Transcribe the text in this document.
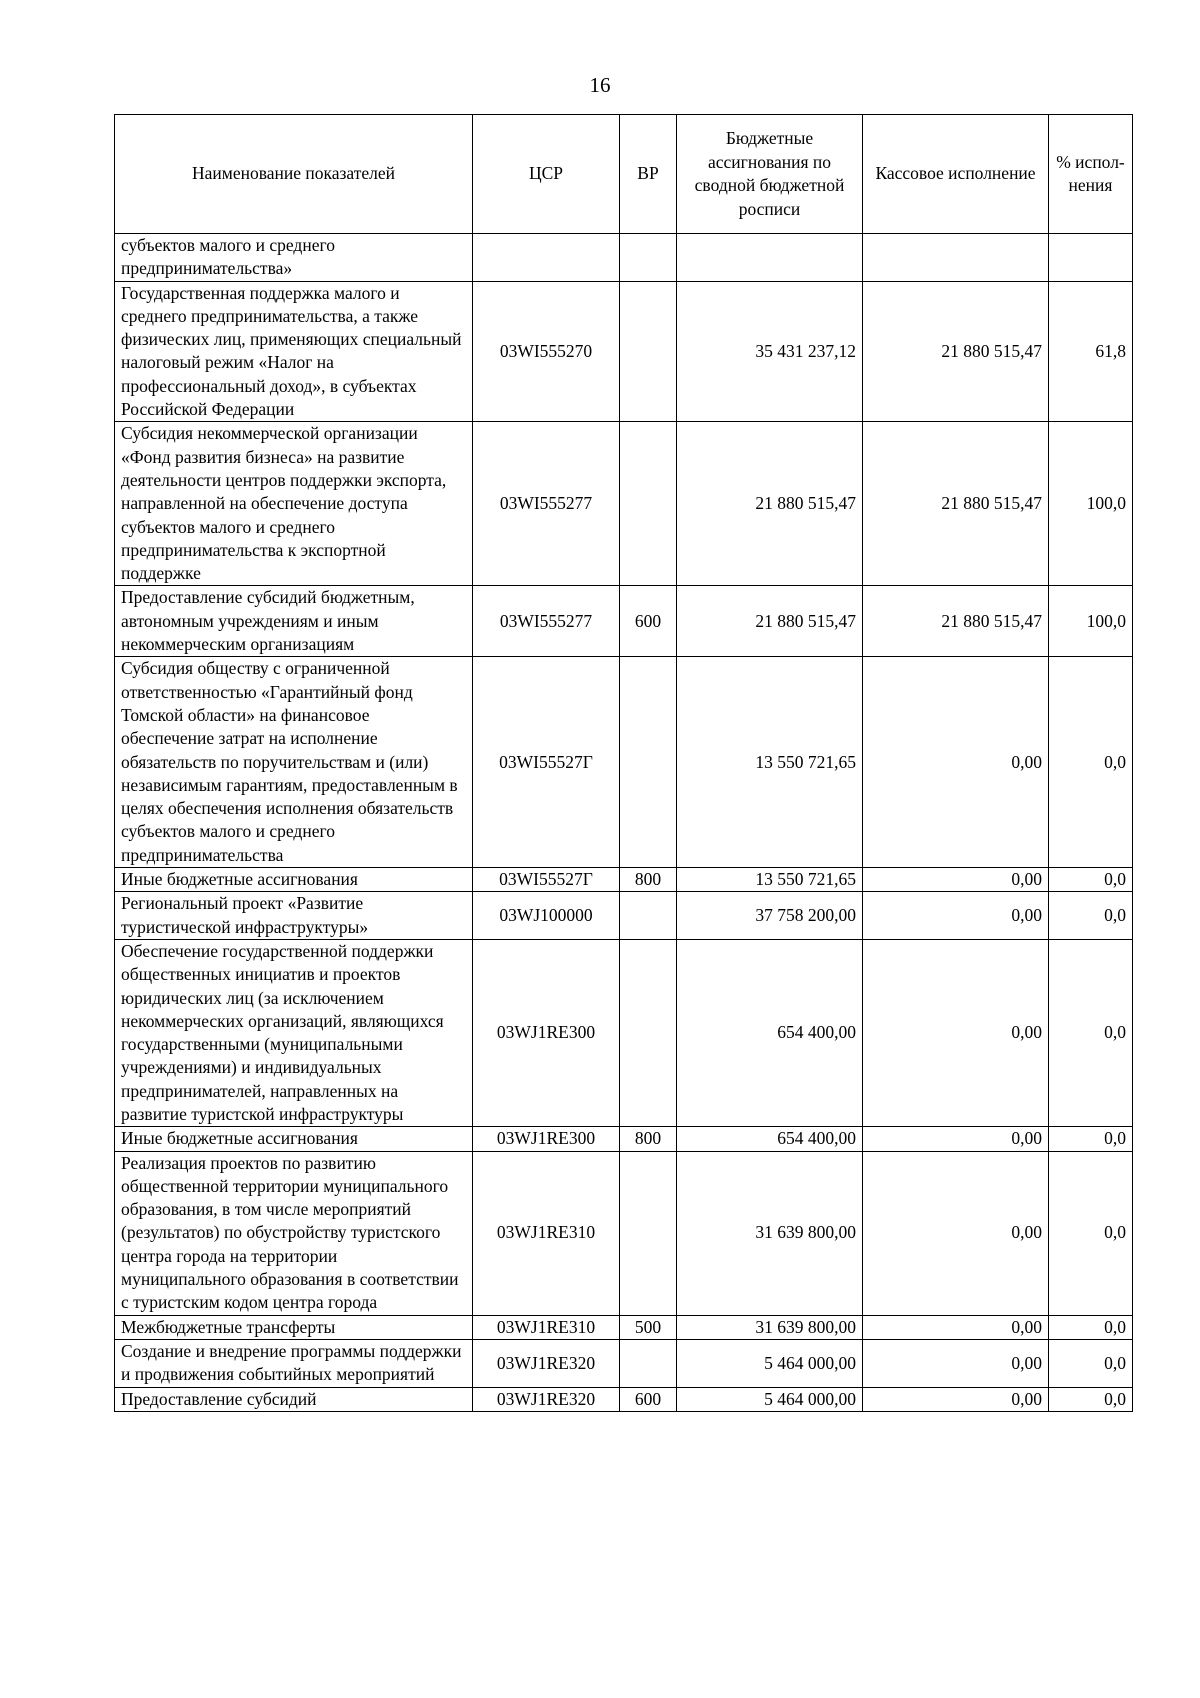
16
Наименование показателей	ЦСР	ВР	Бюджетные ассигнования по сводной бюджетной росписи	Кассовое исполнение	% испол-нения
субъектов малого и среднего предпринимательства»					
Государственная поддержка малого и среднего предпринимательства, а также физических лиц, применяющих специальный налоговый режим «Налог на профессиональный доход», в субъектах Российской Федерации	03WI555270		35 431 237,12	21 880 515,47	61,8
Субсидия некоммерческой организации «Фонд развития бизнеса» на развитие деятельности центров поддержки экспорта, направленной на обеспечение доступа субъектов малого и среднего предпринимательства к экспортной поддержке	03WI555277		21 880 515,47	21 880 515,47	100,0
Предоставление субсидий бюджетным, автономным учреждениям и иным некоммерческим организациям	03WI555277	600	21 880 515,47	21 880 515,47	100,0
Субсидия обществу с ограниченной ответственностью «Гарантийный фонд Томской области» на финансовое обеспечение затрат на исполнение обязательств по поручительствам и (или) независимым гарантиям, предоставленным в целях обеспечения исполнения обязательств субъектов малого и среднего предпринимательства	03WI55527Г		13 550 721,65	0,00	0,0
Иные бюджетные ассигнования	03WI55527Г	800	13 550 721,65	0,00	0,0
Региональный проект «Развитие туристической инфраструктуры»	03WJ100000		37 758 200,00	0,00	0,0
Обеспечение государственной поддержки общественных инициатив и проектов юридических лиц (за исключением некоммерческих организаций, являющихся государственными (муниципальными учреждениями) и индивидуальных предпринимателей, направленных на развитие туристской инфраструктуры	03WJ1RE300		654 400,00	0,00	0,0
Иные бюджетные ассигнования	03WJ1RE300	800	654 400,00	0,00	0,0
Реализация проектов по развитию общественной территории муниципального образования, в том числе мероприятий (результатов) по обустройству туристского центра города на территории муниципального образования в соответствии с туристским кодом центра города	03WJ1RE310		31 639 800,00	0,00	0,0
Межбюджетные трансферты	03WJ1RE310	500	31 639 800,00	0,00	0,0
Создание и внедрение программы поддержки и продвижения событийных мероприятий	03WJ1RE320		5 464 000,00	0,00	0,0
Предоставление субсидий	03WJ1RE320	600	5 464 000,00	0,00	0,0
